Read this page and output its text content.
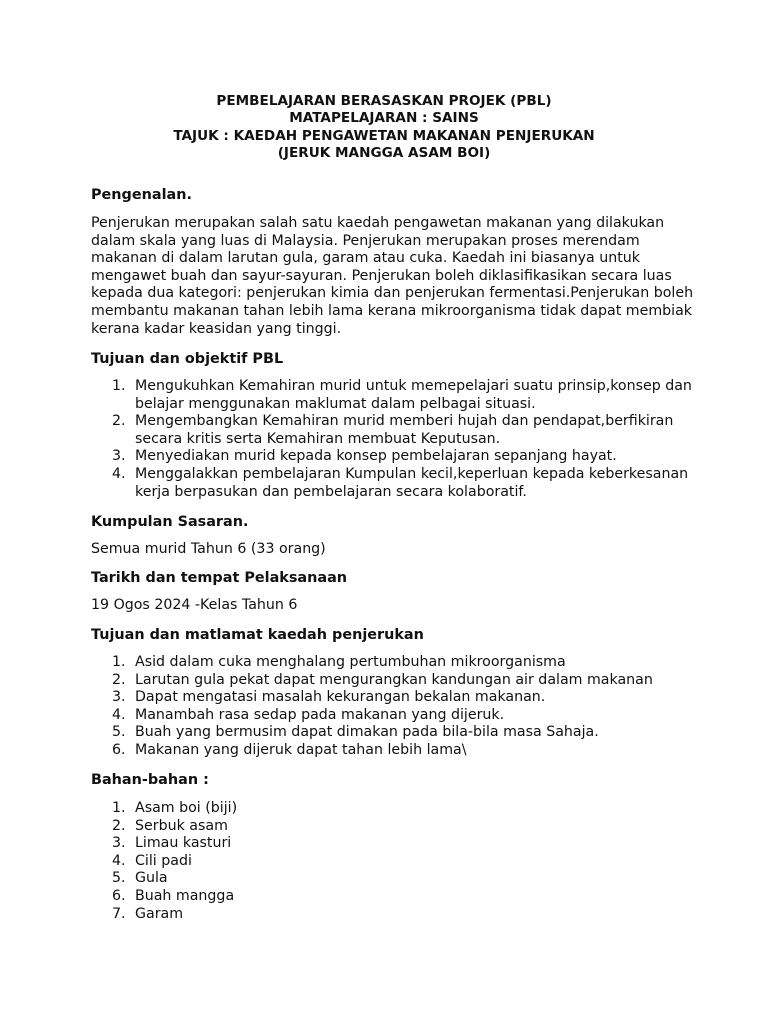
PEMBELAJARAN BERASASKAN PROJEK (PBL)
MATAPELAJARAN : SAINS
TAJUK : KAEDAH PENGAWETAN MAKANAN PENJERUKAN
(JERUK MANGGA ASAM BOI)
Pengenalan.
Penjerukan merupakan salah satu kaedah pengawetan makanan yang dilakukan
dalam skala yang luas di Malaysia. Penjerukan merupakan proses merendam
makanan di dalam larutan gula, garam atau cuka. Kaedah ini biasanya untuk
mengawet buah dan sayur-sayuran. Penjerukan boleh diklasifikasikan secara luas
kepada dua kategori: penjerukan kimia dan penjerukan fermentasi.Penjerukan boleh
membantu makanan tahan lebih lama kerana mikroorganisma tidak dapat membiak
kerana kadar keasidan yang tinggi.
Tujuan dan objektif PBL
1. Mengukuhkan Kemahiran murid untuk memepelajari suatu prinsip,konsep dan
belajar menggunakan maklumat dalam pelbagai situasi.
2. Mengembangkan Kemahiran murid memberi hujah dan pendapat,berfikiran
secara kritis serta Kemahiran membuat Keputusan.
3. Menyediakan murid kepada konsep pembelajaran sepanjang hayat.
4. Menggalakkan pembelajaran Kumpulan kecil,keperluan kepada keberkesanan
kerja berpasukan dan pembelajaran secara kolaboratif.
Kumpulan Sasaran.
Semua murid Tahun 6 (33 orang)
Tarikh dan tempat Pelaksanaan
19 Ogos 2024 -Kelas Tahun 6
Tujuan dan matlamat kaedah penjerukan
1. Asid dalam cuka menghalang pertumbuhan mikroorganisma
2. Larutan gula pekat dapat mengurangkan kandungan air dalam makanan
3. Dapat mengatasi masalah kekurangan bekalan makanan.
4. Manambah rasa sedap pada makanan yang dijeruk.
5. Buah yang bermusim dapat dimakan pada bila-bila masa Sahaja.
6. Makanan yang dijeruk dapat tahan lebih lama\
Bahan-bahan :
1. Asam boi (biji)
2. Serbuk asam
3. Limau kasturi
4. Cili padi
5. Gula
6. Buah mangga
7. Garam
